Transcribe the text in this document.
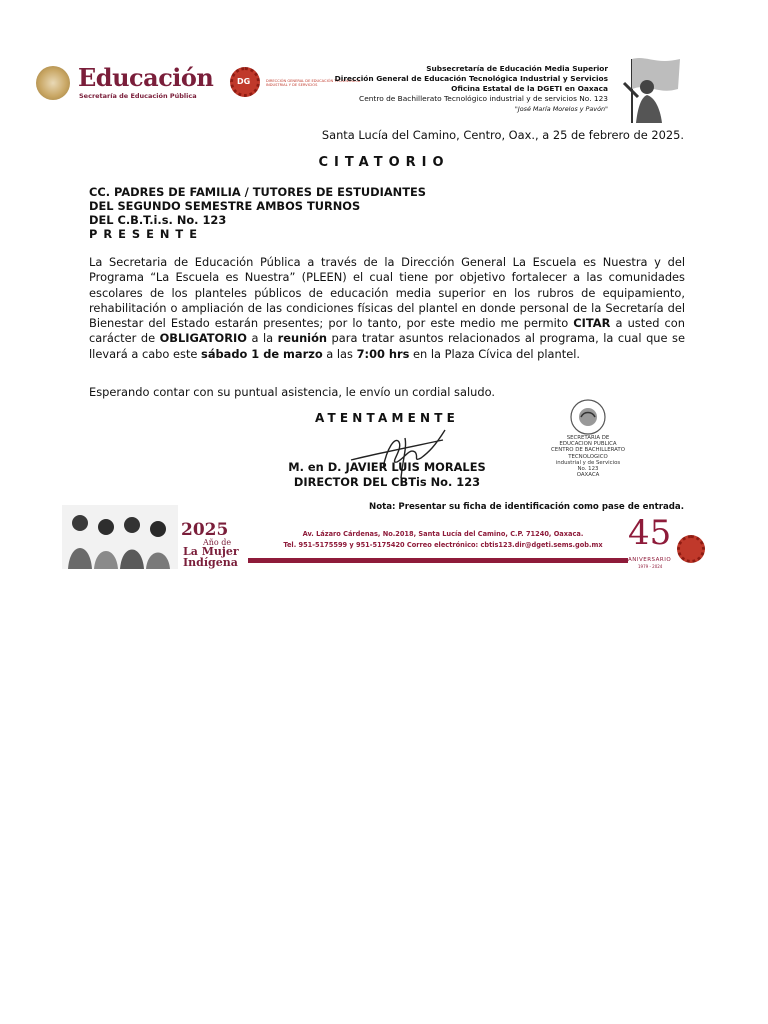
Educación
Secretaría de Educación Pública
DG	DIRECCIÓN GENERAL DE EDUCACIÓN TECNOLÓGICA INDUSTRIAL Y DE SERVICIOS
Subsecretaría de Educación Media Superior
Dirección General de Educación Tecnológica Industrial y Servicios
Oficina Estatal de la DGETI en Oaxaca
Centro de Bachillerato Tecnológico industrial y de servicios No. 123
"José María Morelos y Pavón"
Santa Lucía del Camino, Centro, Oax., a 25 de febrero de 2025.
CITATORIO
CC. PADRES DE FAMILIA / TUTORES DE ESTUDIANTES
DEL SEGUNDO SEMESTRE AMBOS TURNOS
DEL C.B.T.i.s. No. 123
PRESENTE
La Secretaria de Educación Pública a través de la Dirección General La Escuela es Nuestra y del Programa “La Escuela es Nuestra” (PLEEN) el cual tiene por objetivo fortalecer a las comunidades escolares de los planteles públicos de educación media superior en los rubros de equipamiento, rehabilitación o ampliación de las condiciones físicas del plantel en donde personal de la Secretaría del Bienestar del Estado estarán presentes; por lo tanto, por este medio me permito CITAR a usted con carácter de OBLIGATORIO a la reunión para tratar asuntos relacionados al programa, la cual que se llevará a cabo este sábado 1 de marzo a las 7:00 hrs en la Plaza Cívica del plantel.
Esperando contar con su puntual asistencia, le envío un cordial saludo.
ATENTAMENTE
M. en D. JAVIER LUIS MORALES
DIRECTOR DEL CBTis No. 123
SECRETARIA DE
EDUCACION PUBLICA
CENTRO DE BACHILLERATO
TECNOLOGICO
industrial y de Servicios
No. 123
OAXACA
Nota: Presentar su ficha de identificación como pase de entrada.
2025
Año de
La Mujer
Indígena
Av. Lázaro Cárdenas, No.2018, Santa Lucía del Camino, C.P. 71240, Oaxaca.
Tel. 951-5175599 y 951-5175420 Correo electrónico: cbtis123.dir@dgeti.sems.gob.mx 45
ANIVERSARIO
1979 - 2024
